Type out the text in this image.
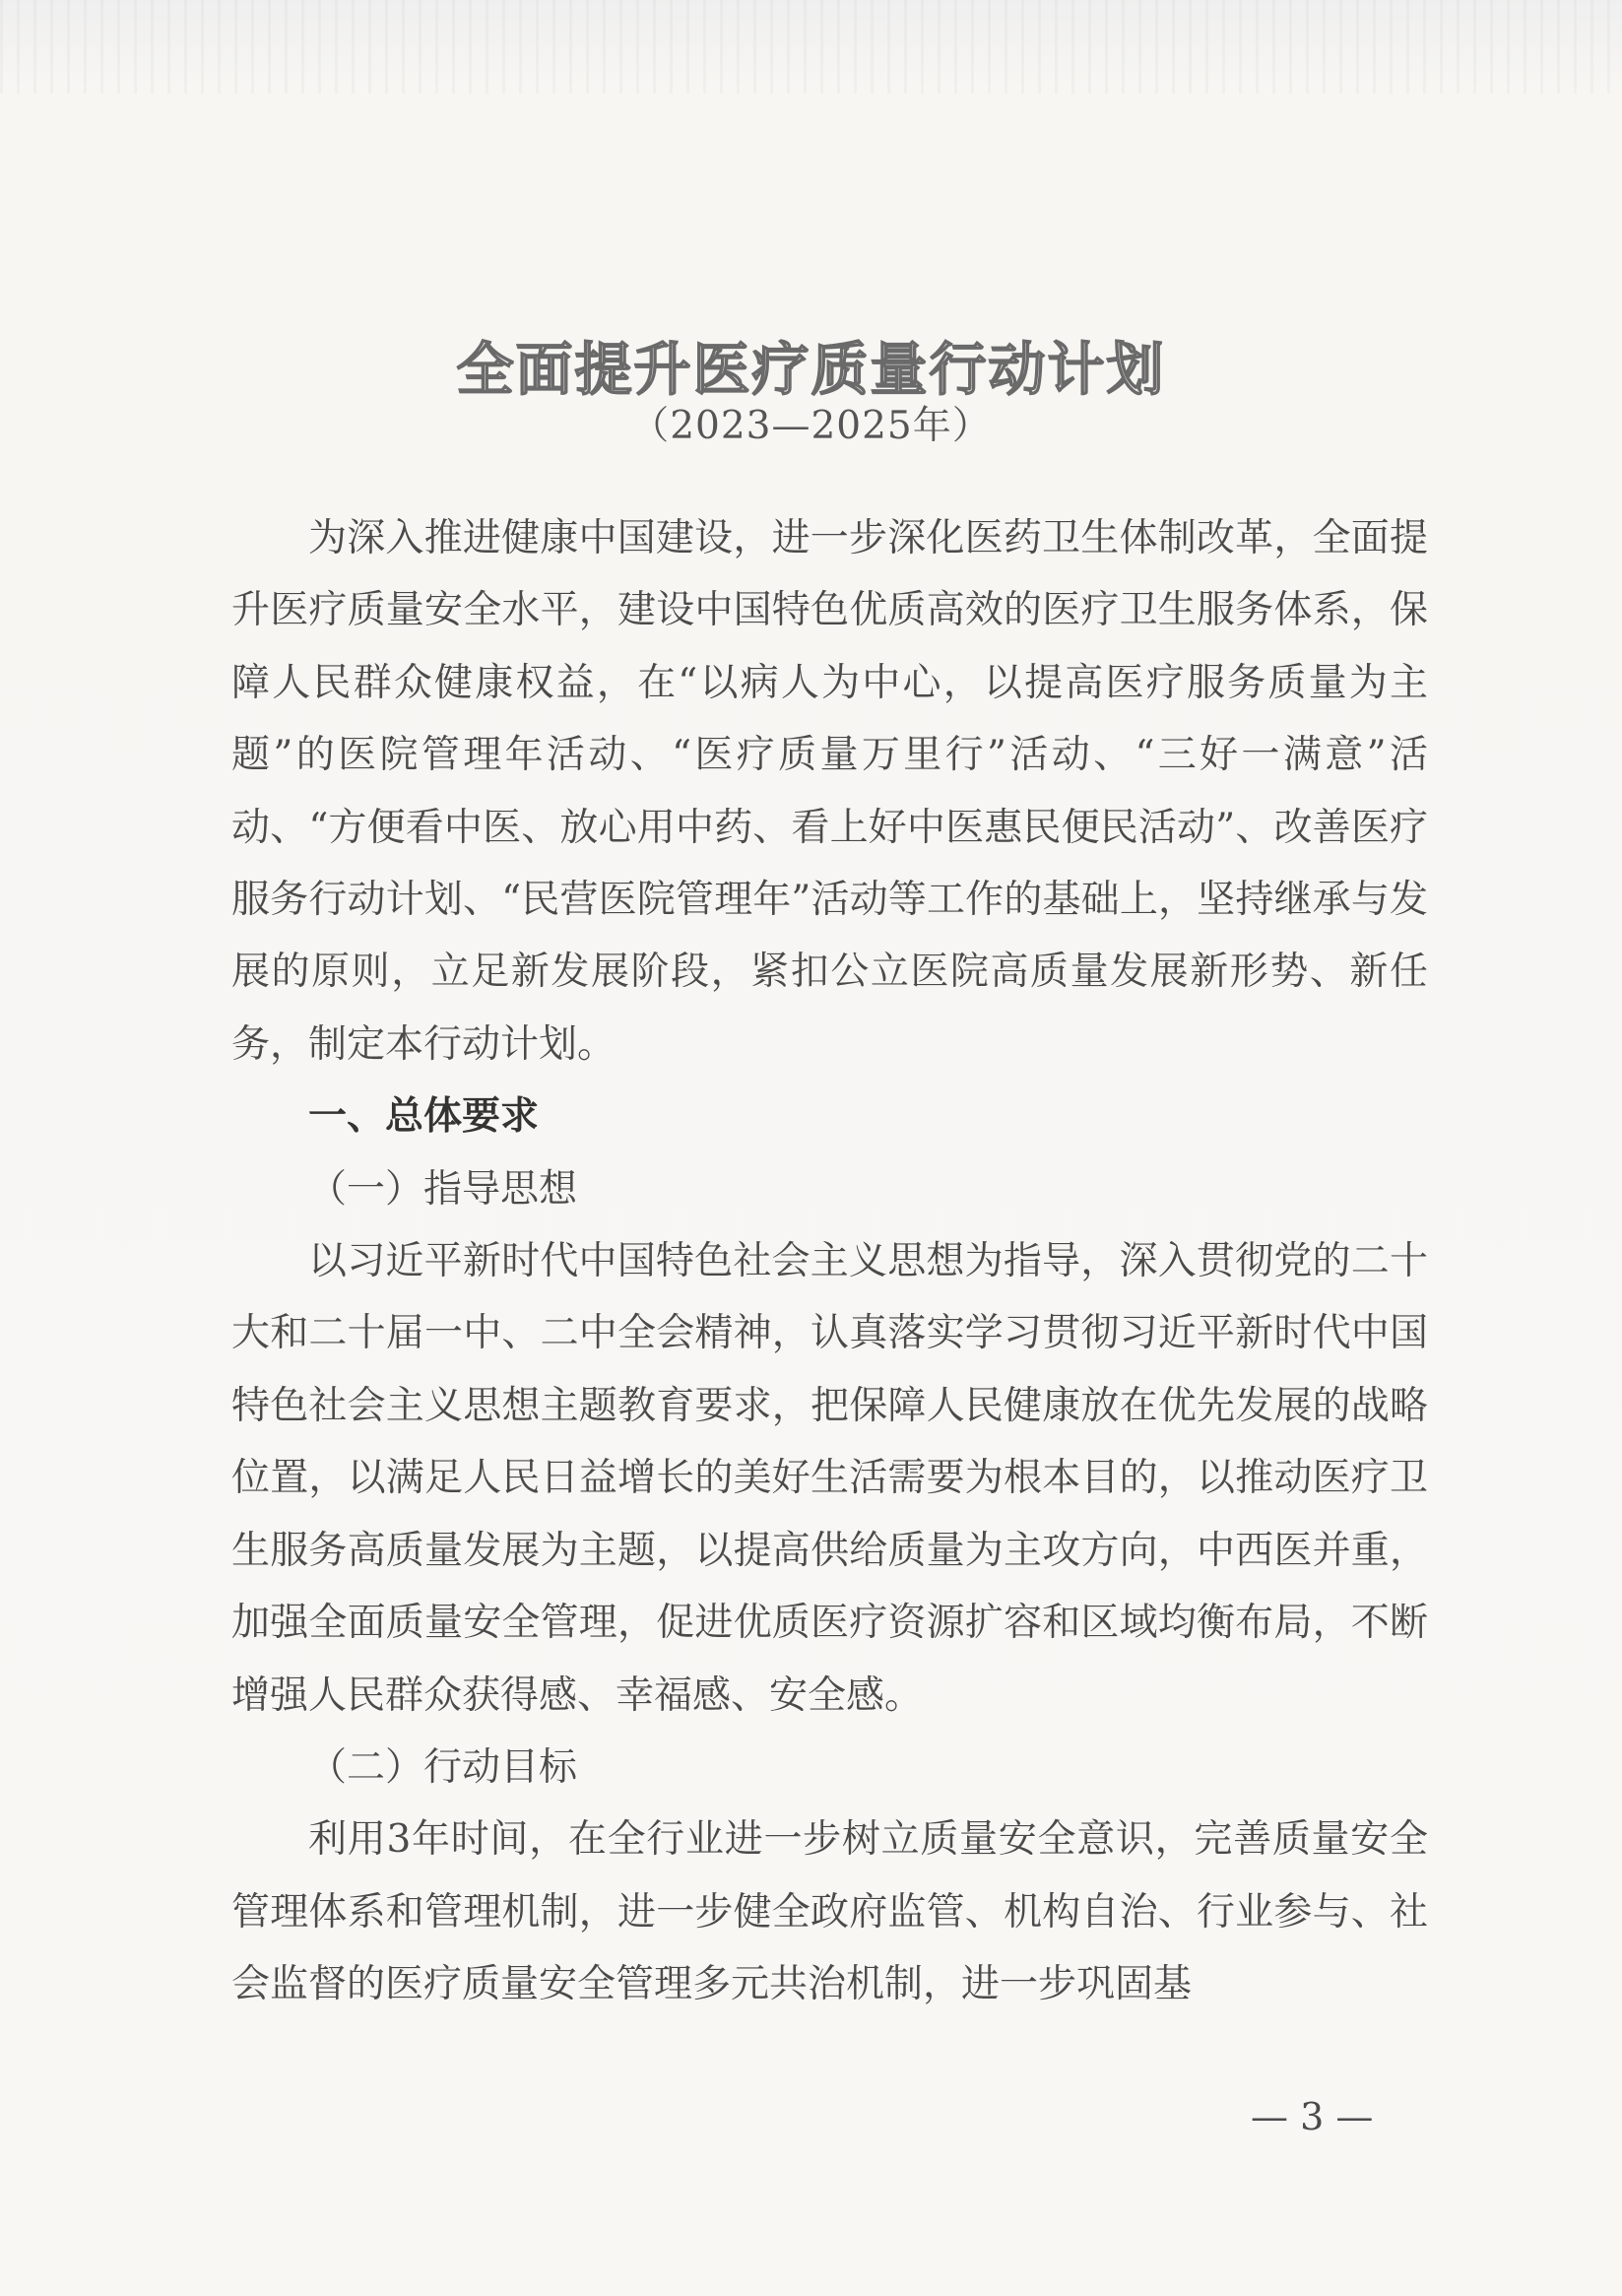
全面提升医疗质量行动计划
（2023—2025年）

为深入推进健康中国建设，进一步深化医药卫生体制改革，全面提升医疗质量安全水平，建设中国特色优质高效的医疗卫生服务体系，保障人民群众健康权益，在“以病人为中心，以提高医疗服务质量为主题”的医院管理年活动、“医疗质量万里行”活动、“三好一满意”活动、“方便看中医、放心用中药、看上好中医惠民便民活动”、改善医疗服务行动计划、“民营医院管理年”活动等工作的基础上，坚持继承与发展的原则，立足新发展阶段，紧扣公立医院高质量发展新形势、新任务，制定本行动计划。

一、总体要求

（一）指导思想

以习近平新时代中国特色社会主义思想为指导，深入贯彻党的二十大和二十届一中、二中全会精神，认真落实学习贯彻习近平新时代中国特色社会主义思想主题教育要求，把保障人民健康放在优先发展的战略位置，以满足人民日益增长的美好生活需要为根本目的，以推动医疗卫生服务高质量发展为主题，以提高供给质量为主攻方向，中西医并重，加强全面质量安全管理，促进优质医疗资源扩容和区域均衡布局，不断增强人民群众获得感、幸福感、安全感。

（二）行动目标

利用3年时间，在全行业进一步树立质量安全意识，完善质量安全管理体系和管理机制，进一步健全政府监管、机构自治、行业参与、社会监督的医疗质量安全管理多元共治机制，进一步巩固基

— 3 —
